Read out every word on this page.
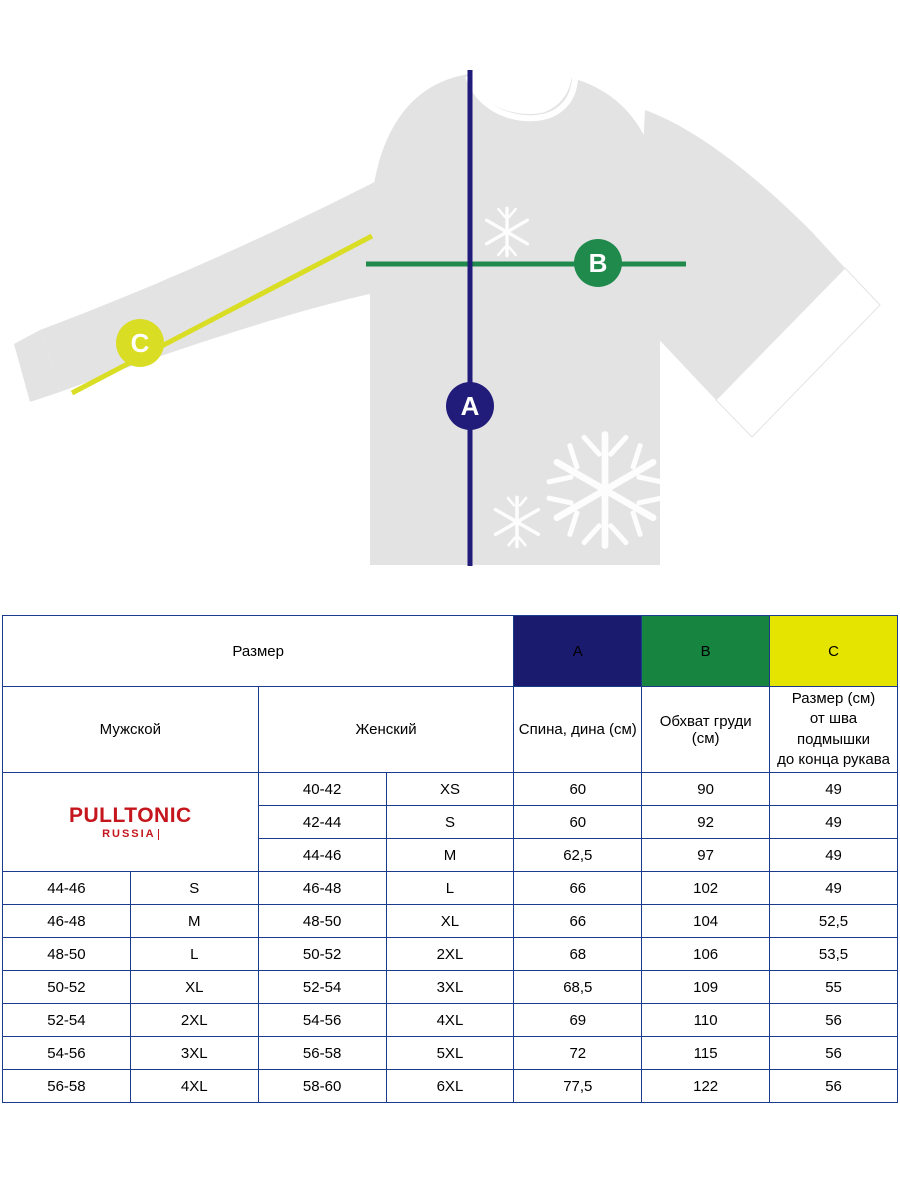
A
B
C
Размер				A	B	C
Мужской		Женский		Спина, дина (см)	Обхват груди (см)	Размер (см)
от шва подмышки
до конца рукава

PULLTONIC
RUSSIA		40-42	XS	60	90	49
		42-44	S	60	92	49
		44-46	M	62,5	97	49
44-46	S	46-48	L	66	102	49
46-48	M	48-50	XL	66	104	52,5
48-50	L	50-52	2XL	68	106	53,5
50-52	XL	52-54	3XL	68,5	109	55
52-54	2XL	54-56	4XL	69	110	56
54-56	3XL	56-58	5XL	72	115	56
56-58	4XL	58-60	6XL	77,5	122	56
